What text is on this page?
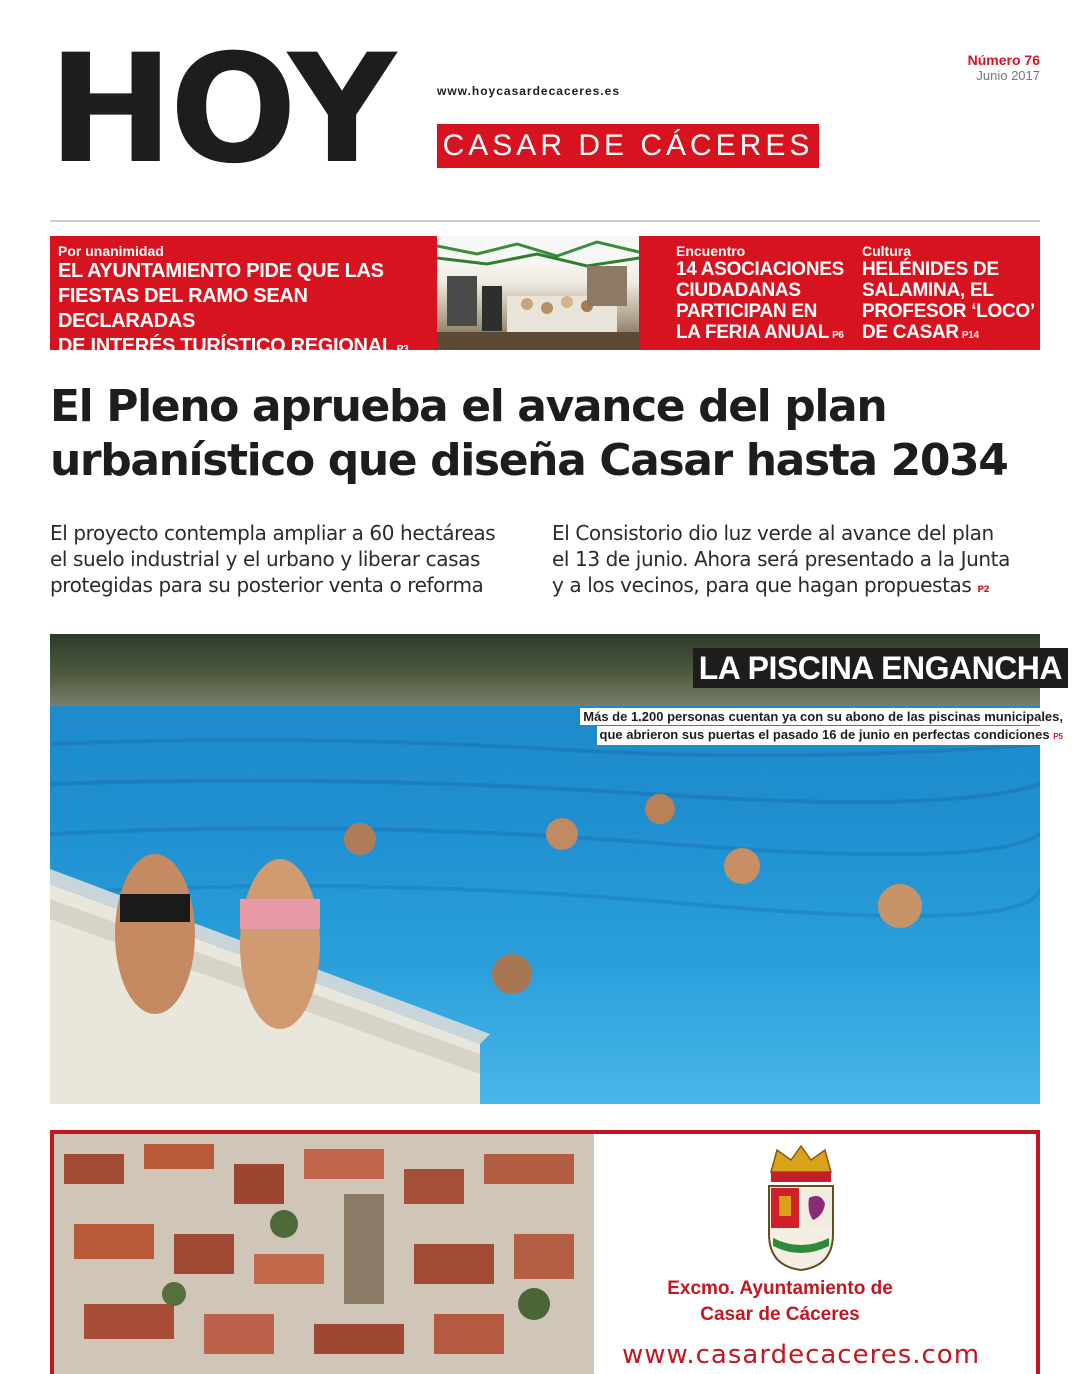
HOY	www.hoycasardecaceres.es
CASAR DE CÁCERES
Número 76
Junio 2017
Por unanimidad
EL AYUNTAMIENTO PIDE QUE LAS
FIESTAS DEL RAMO SEAN DECLARADAS
DE INTERÉS TURÍSTICO REGIONAL P3
Encuentro
14 ASOCIACIONES
CIUDADANAS
PARTICIPAN EN
LA FERIA ANUAL P6
Cultura
HELÉNIDES DE
SALAMINA, EL
PROFESOR ‘LOCO’
DE CASAR P14
El Pleno aprueba el avance del plan
urbanístico que diseña Casar hasta 2034
El proyecto contempla ampliar a 60 hectáreas
el suelo industrial y el urbano y liberar casas
protegidas para su posterior venta o reforma
El Consistorio dio luz verde al avance del plan
el 13 de junio. Ahora será presentado a la Junta
y a los vecinos, para que hagan propuestas P2
LA PISCINA ENGANCHA
Más de 1.200 personas cuentan ya con su abono de las piscinas municipales,
que abrieron sus puertas el pasado 16 de junio en perfectas condiciones P5
Excmo. Ayuntamiento de
Casar de Cáceres
www.casardecaceres.com
